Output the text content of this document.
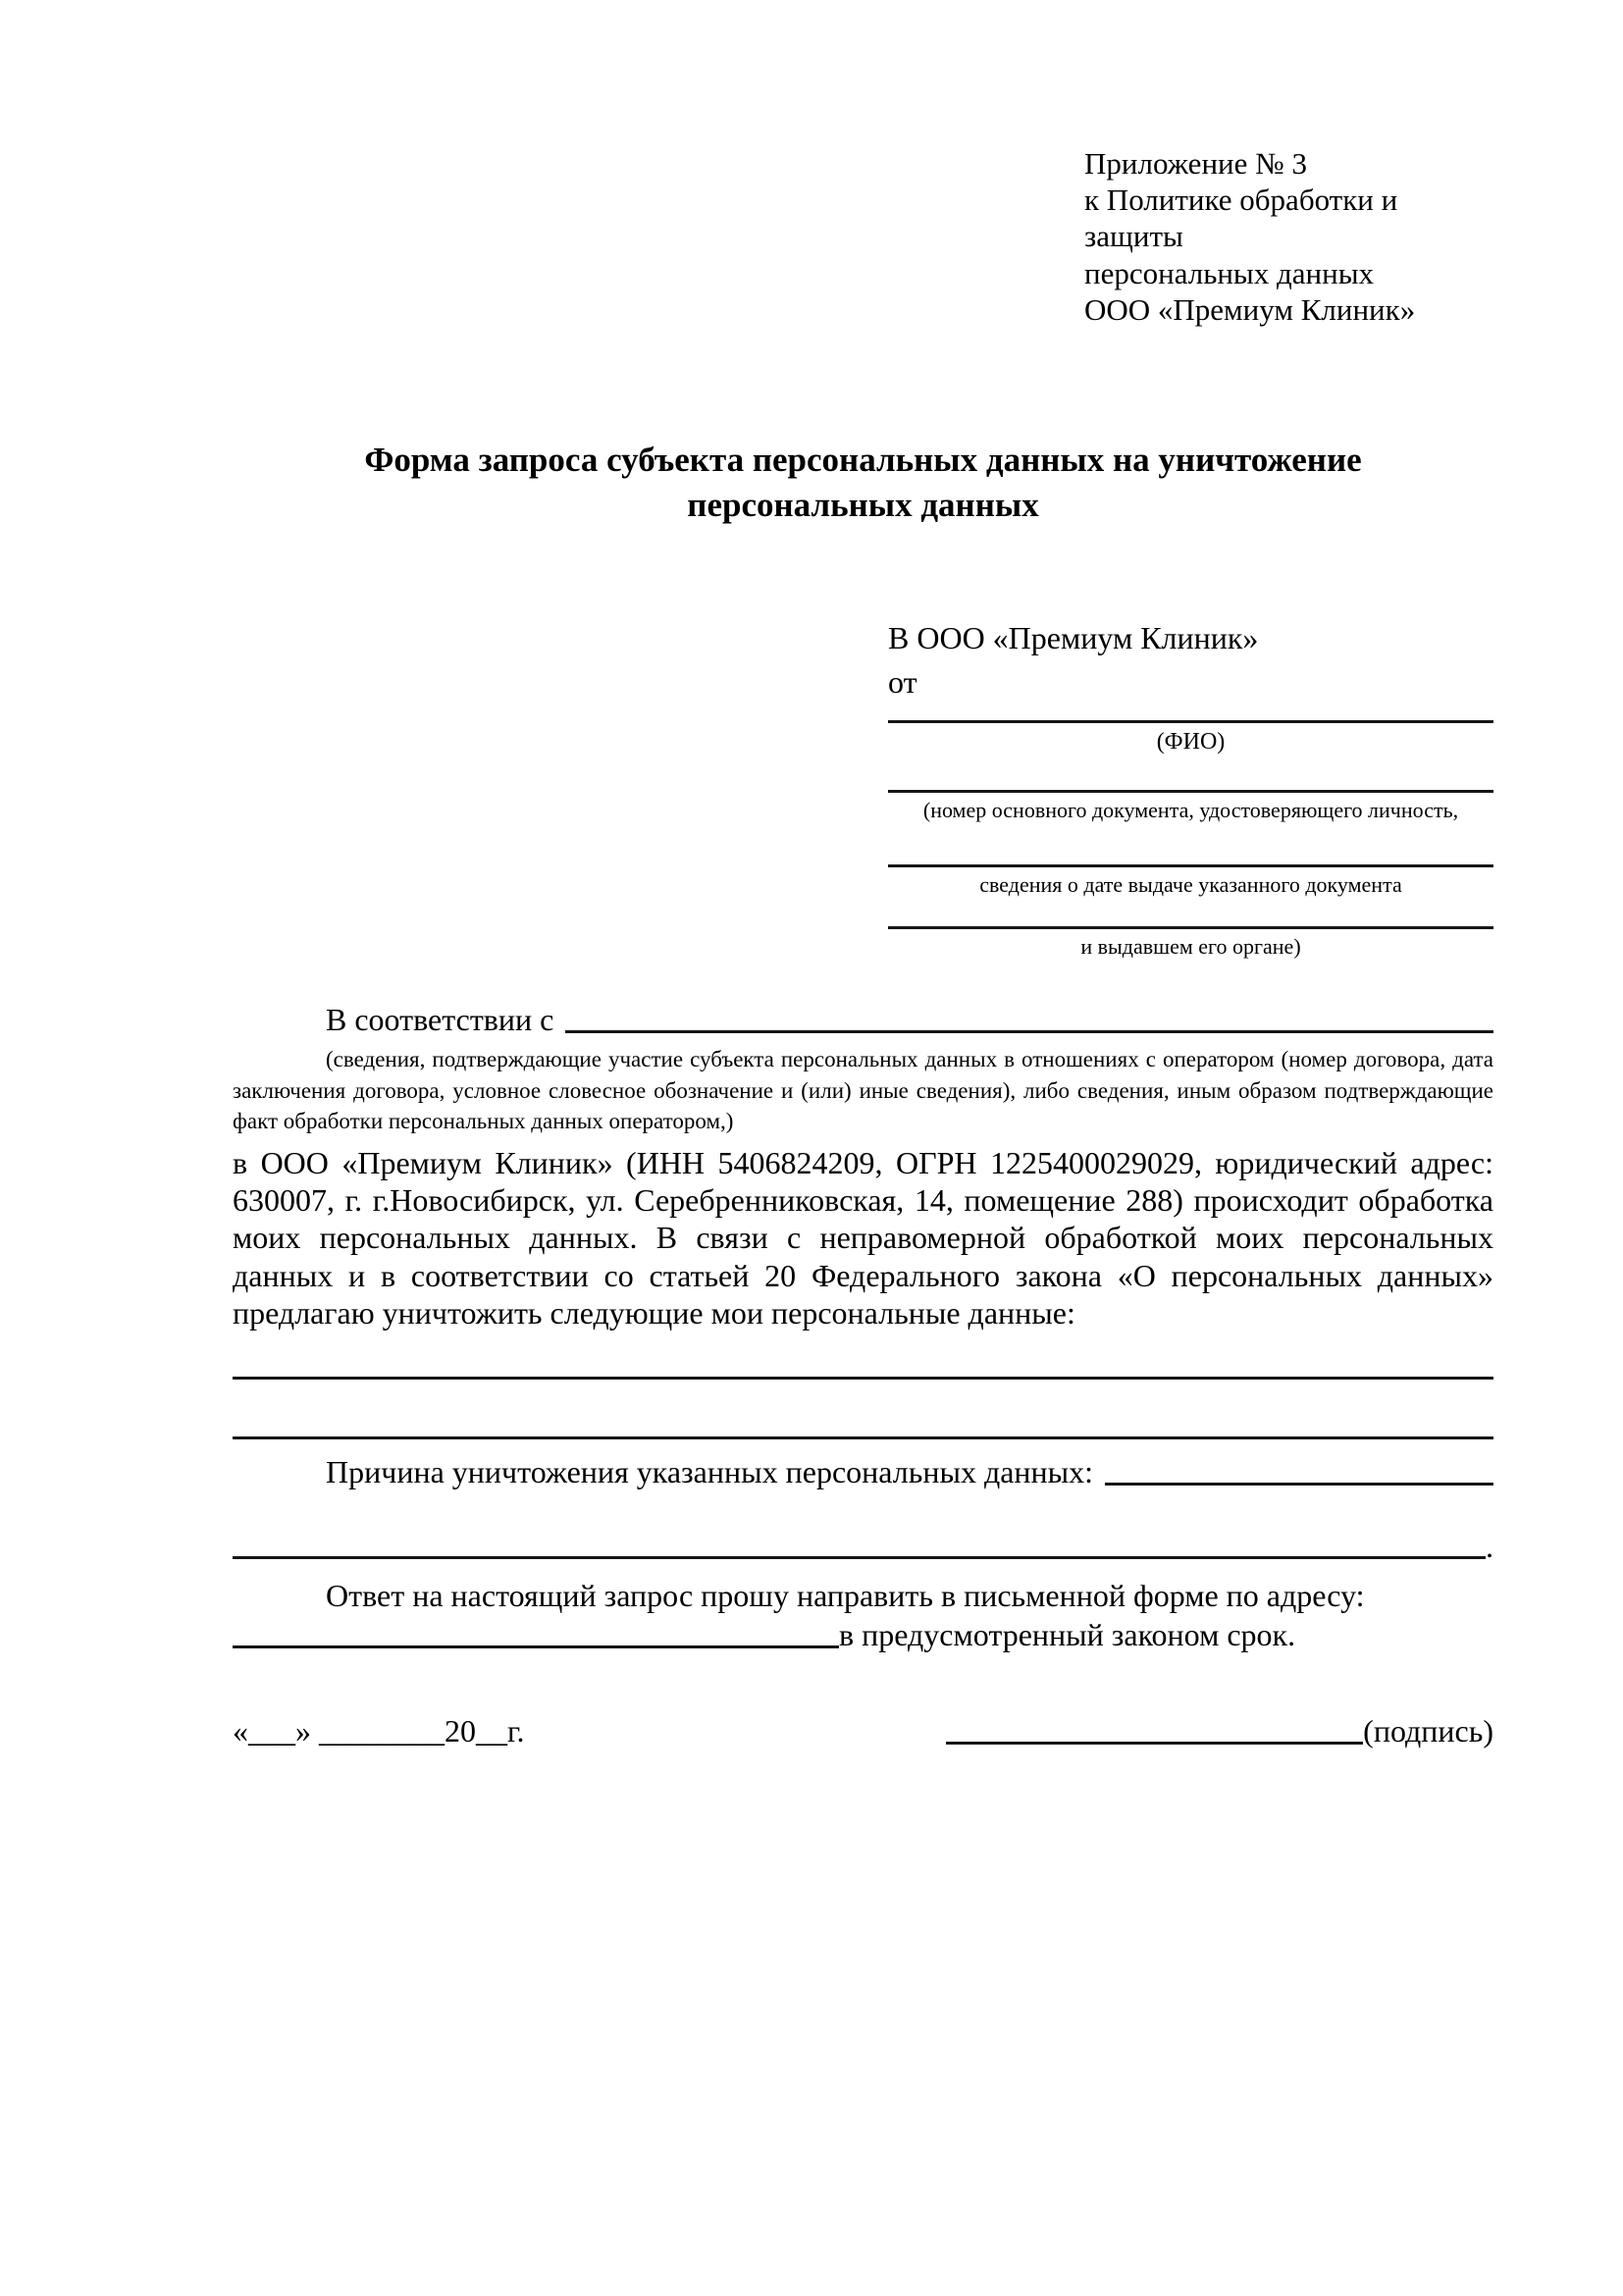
Приложение № 3
к Политике обработки и защиты
персональных данных
ООО «Премиум Клиник»
Форма запроса субъекта персональных данных на уничтожение персональных данных
В ООО «Премиум Клиник»
от
(ФИО)
(номер основного документа, удостоверяющего личность,
сведения о дате выдаче указанного документа
и выдавшем его органе)
В соответствии с
(сведения, подтверждающие участие субъекта персональных данных в отношениях с оператором (номер договора, дата заключения договора, условное словесное обозначение и (или) иные сведения), либо сведения, иным образом подтверждающие факт обработки персональных данных оператором,)
в ООО «Премиум Клиник» (ИНН 5406824209, ОГРН 1225400029029, юридический адрес: 630007, г. г.Новосибирск, ул. Серебренниковская, 14, помещение 288) происходит обработка моих персональных данных. В связи с неправомерной обработкой моих персональных данных и в соответствии со статьей 20 Федерального закона «О персональных данных» предлагаю уничтожить следующие мои персональные данные:
Причина уничтожения указанных персональных данных:
.
Ответ на настоящий запрос прошу направить в письменной форме по адресу:
в предусмотренный законом срок.
«___» ________20__г.	(подпись)
